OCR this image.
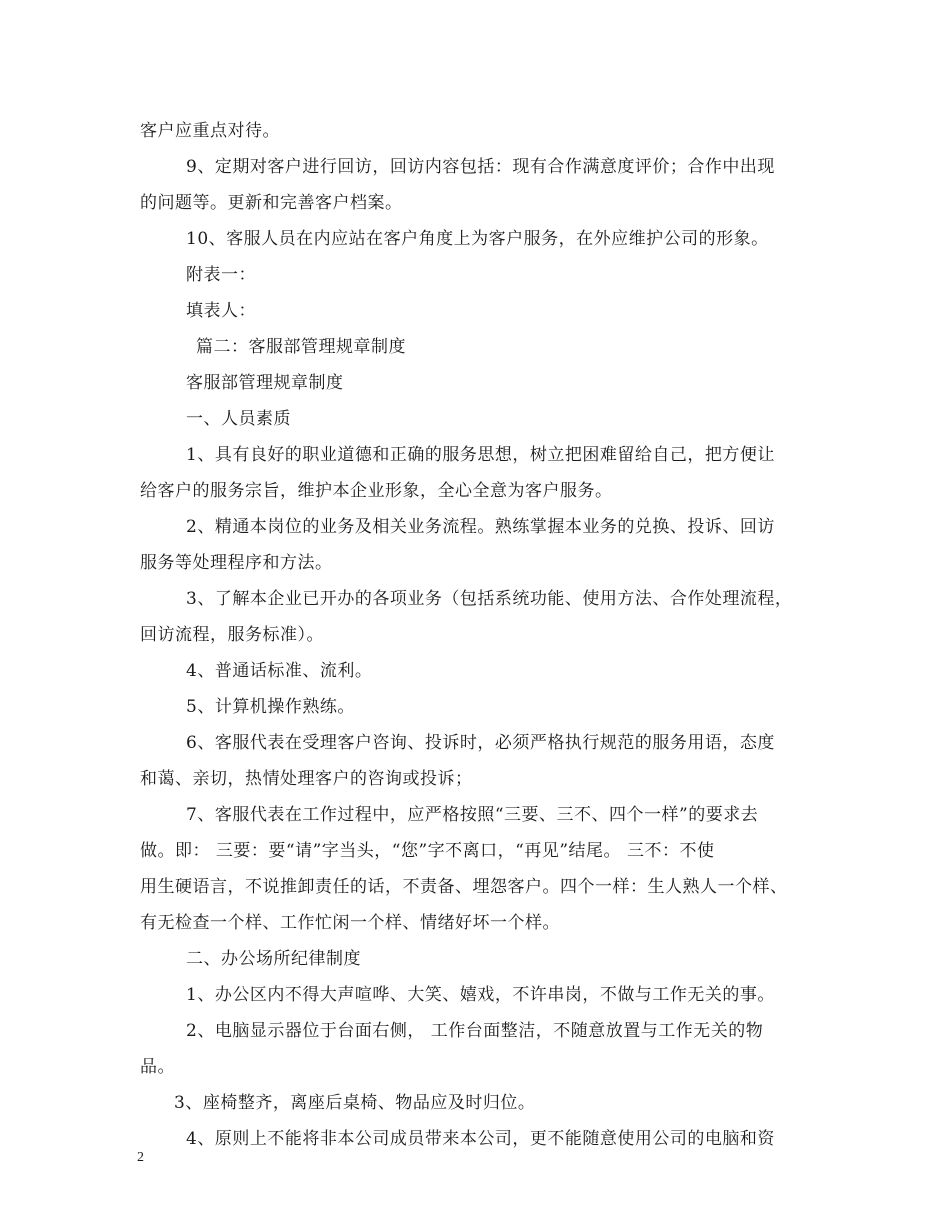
客户应重点对待。
9、定期对客户进行回访，回访内容包括：现有合作满意度评价；合作中出现
的问题等。更新和完善客户档案。
10、客服人员在内应站在客户角度上为客户服务，在外应维护公司的形象。
附表一：
填表人：
篇二：客服部管理规章制度
客服部管理规章制度
一、人员素质
1、具有良好的职业道德和正确的服务思想，树立把困难留给自己，把方便让
给客户的服务宗旨，维护本企业形象，全心全意为客户服务。
2、精通本岗位的业务及相关业务流程。熟练掌握本业务的兑换、投诉、回访
服务等处理程序和方法。
3、了解本企业已开办的各项业务（包括系统功能、使用方法、合作处理流程，
回访流程，服务标准）。
4、普通话标准、流利。
5、计算机操作熟练。
6、客服代表在受理客户咨询、投诉时，必须严格执行规范的服务用语，态度
和蔼、亲切，热情处理客户的咨询或投诉；
7、客服代表在工作过程中，应严格按照“三要、三不、四个一样”的要求去
做。即： 三要：要“请”字当头，“您”字不离口，“再见”结尾。 三不：不使
用生硬语言，不说推卸责任的话，不责备、埋怨客户。四个一样：生人熟人一个样、
有无检查一个样、工作忙闲一个样、情绪好坏一个样。
二、办公场所纪律制度
1、办公区内不得大声喧哗、大笑、嬉戏，不许串岗，不做与工作无关的事。
2、电脑显示器位于台面右侧， 工作台面整洁，不随意放置与工作无关的物
品。
3、座椅整齐，离座后桌椅、物品应及时归位。
4、原则上不能将非本公司成员带来本公司，更不能随意使用公司的电脑和资
2
